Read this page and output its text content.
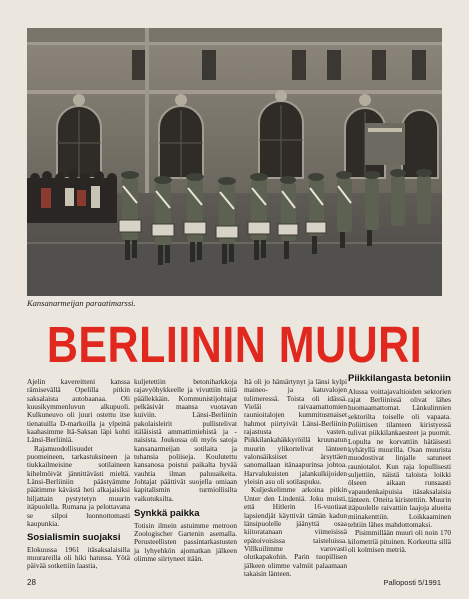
Kansanarmeijan paraatimarssi.
BERLIININ MUURI

Ajelin kavereitteni kanssa rämisevällä Opelilla pitkin saksalaista autobaanaa. Oli kuusikymmenluvun alkupuoli. Kulkuneuvo oli juuri ostettu itse tienatuilla D-markoilla ja ylpeinä kaahasimme Itä-Saksan läpi kohti Länsi-Berliiniä.

Rajamuodollisuudet puomeineen, tarkastuksineen ja tiukkailmeisine sotilaineen kihelmöivät jännittävästi mieltä. Länsi-Berliiniin päästyämme päätimme kävästä heti alkajaisiksi hiljattain pystytetyn muurin itäpuolella. Rumana ja pelottavana se silpoi luonnottomasti kaupunkia.

Sosialismin suojaksi

Elokuussa 1961 itäsaksalaisilla muurareilla oli hiki hatussa. Yötä päivää sotkettiin laastia,

kuljetettiin betoniharkkoja rajavyöhykkeelle ja vivuttiin niitä päällekkäin. Kommunistijohtajat pelkäsivät maansa vuotavan kuiviin. Länsi-Berliinin pakolaisleirit pullistelivat itäläisistä ammattimiehistä ja -naisista. Joukossa oli myös satoja kansanarmeijan sotilaita ja tuhansia poliiseja. Koulutettu kansanosa poistui paikalta hyvää vauhtia ilman paluuaikeita. Johtajat päättivät suojella omiaan kapitalismin turmiollisilta vaikutuksilta.

Synkkä paikka

Totisin ilmein astuimme metroon Zoologischer Gartenin asemalla. Perusteellisten passintarkastusten ja lyhyehkön ajomatkan jälkeen olimme siirtyneet itään.

Itä oli jo hämärtynyt ja länsi kylpi maineo- ja katuvalojen tulimeressä. Toista oli idässä. Vieläi raivaamattomien raunioitalojen kummitusmaiset hahmot piirtyivät Länsi-Berliinin rajastusta vasten. Piikkilankahäkkyröillä kruunatun muurin ylikortelivat länteen valonsäiksiiset ärsyttäen sanomallaan itänaapurinsa johtoa. Harvalukuisten jalankulkijoiden yleisin asu oli sotilaspuku.

Kuljeskelimme arkoina pitkin Unter den Lindeniä. Joku muisti, että Hitlerin 16-vuotiaat lapsiendjät käyttivät tämän kadun länsipuolelle jäänyttä osaa kiitoratanaan viimeisissä epätoivoisissa taisteluissa. Villkuilimme varovasti olutkapakohin. Parin tuopillisen jälkeen olimme valmiit palaamaan takaisin länteen.

Piikkilangasta betoniin

Alussa voittajavaltioiden sektorien rajat Berliinissä olivat lähes huomaamattomat. Länkulinnien sektorilta toiselle oli vapaata. Poliittisen tilanteen kiristyessä tulivat piikkilankaesteet ja puomit. Lopulta ne korvattiin hätäisesti kyhätyllä muurilla. Osan muurista muodostivat linjalle satuneet rauniotalot. Kun raja lopullisesti suljettiin, näistä taloista loikki ölseen aikaan runsaasti vapaudenkaipuisia itäsaksalaisia länteen. Otteita kiristettiin. Muurin itäpuolelle raivattiin laajoja alueita miinakenttiin. Loikkaaminen tehtiin lähes mahdottomaksi.

Pisimmillään muuri oli noin 170 kilometriä pituinen. Korkeutta sillä oli kolmisen metriä.

28	Palloposti 5/1991
